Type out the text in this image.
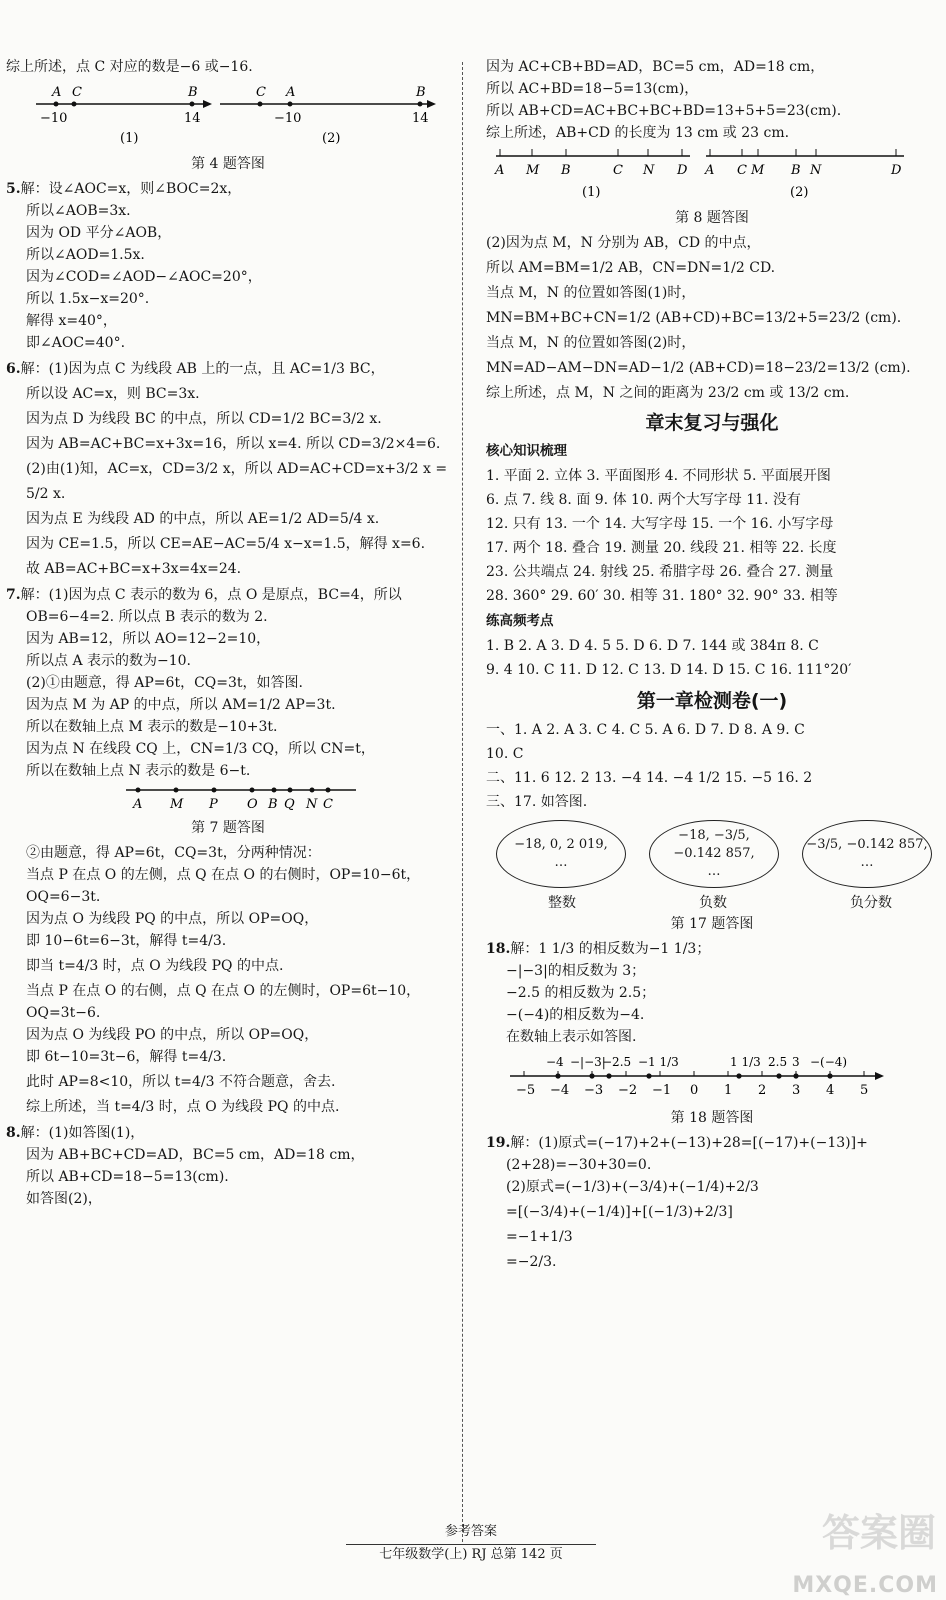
综上所述，点 C 对应的数是−6 或−16.
A C	B
−10	14
(1)
C A	B
−10	14
(2)
第 4 题答图
5.解：设∠AOC=x，则∠BOC=2x，
所以∠AOB=3x.
因为 OD 平分∠AOB，
所以∠AOD=1.5x.
因为∠COD=∠AOD−∠AOC=20°，
所以 1.5x−x=20°.
解得 x=40°，
即∠AOC=40°.
6.解：(1)因为点 C 为线段 AB 上的一点，且 AC=1/3 BC，
所以设 AC=x，则 BC=3x.
因为点 D 为线段 BC 的中点，所以 CD=1/2 BC=3/2 x.
因为 AB=AC+BC=x+3x=16，所以 x=4. 所以 CD=3/2×4=6.
(2)由(1)知，AC=x，CD=3/2 x，所以 AD=AC+CD=x+3/2 x =
5/2 x.
因为点 E 为线段 AD 的中点，所以 AE=1/2 AD=5/4 x.
因为 CE=1.5，所以 CE=AE−AC=5/4 x−x=1.5，解得 x=6.
故 AB=AC+BC=x+3x=4x=24.
7.解：(1)因为点 C 表示的数为 6，点 O 是原点，BC=4，所以
OB=6−4=2. 所以点 B 表示的数为 2.
因为 AB=12，所以 AO=12−2=10，
所以点 A 表示的数为−10.
(2)①由题意，得 AP=6t，CQ=3t，如答图.
因为点 M 为 AP 的中点，所以 AM=1/2 AP=3t.
所以在数轴上点 M 表示的数是−10+3t.
因为点 N 在线段 CQ 上，CN=1/3 CQ，所以 CN=t，
所以在数轴上点 N 表示的数是 6−t.
A M P O B Q N C
第 7 题答图
②由题意，得 AP=6t，CQ=3t，分两种情况：
当点 P 在点 O 的左侧，点 Q 在点 O 的右侧时，OP=10−6t，
OQ=6−3t.
因为点 O 为线段 PQ 的中点，所以 OP=OQ，
即 10−6t=6−3t，解得 t=4/3.
即当 t=4/3 时，点 O 为线段 PQ 的中点.
当点 P 在点 O 的右侧，点 Q 在点 O 的左侧时，OP=6t−10，
OQ=3t−6.
因为点 O 为线段 PO 的中点，所以 OP=OQ，
即 6t−10=3t−6，解得 t=4/3.
此时 AP=8<10，所以 t=4/3 不符合题意，舍去.
综上所述，当 t=4/3 时，点 O 为线段 PQ 的中点.
8.解：(1)如答图(1)，
因为 AB+BC+CD=AD，BC=5 cm，AD=18 cm，
所以 AB+CD=18−5=13(cm).
如答图(2)，
因为 AC+CB+BD=AD，BC=5 cm，AD=18 cm，
所以 AC+BD=18−5=13(cm)，
所以 AB+CD=AC+BC+BC+BD=13+5+5=23(cm).
综上所述，AB+CD 的长度为 13 cm 或 23 cm.
A M B	C N D
(1)
A C M B N	D
(2)
第 8 题答图
(2)因为点 M，N 分别为 AB，CD 的中点，
所以 AM=BM=1/2 AB，CN=DN=1/2 CD.
当点 M，N 的位置如答图(1)时，
MN=BM+BC+CN=1/2 (AB+CD)+BC=13/2+5=23/2 (cm).
当点 M，N 的位置如答图(2)时，
MN=AD−AM−DN=AD−1/2 (AB+CD)=18−23/2=13/2 (cm).
综上所述，点 M，N 之间的距离为 23/2 cm 或 13/2 cm.
章末复习与强化
核心知识梳理
1. 平面 2. 立体 3. 平面图形 4. 不同形状 5. 平面展开图
6. 点 7. 线 8. 面 9. 体 10. 两个大写字母 11. 没有
12. 只有 13. 一个 14. 大写字母 15. 一个 16. 小写字母
17. 两个 18. 叠合 19. 测量 20. 线段 21. 相等 22. 长度
23. 公共端点 24. 射线 25. 希腊字母 26. 叠合 27. 测量
28. 360° 29. 60′ 30. 相等 31. 180° 32. 90° 33. 相等
练高频考点
1. B 2. A 3. D 4. 5 5. D 6. D 7. 144 或 384π 8. C
9. 4 10. C 11. D 12. C 13. D 14. D 15. C 16. 111°20′
第一章检测卷(一)
一、1. A 2. A 3. C 4. C 5. A 6. D 7. D 8. A 9. C
10. C
二、11. 6 12. 2 13. −4 14. −4 1/2 15. −5 16. 2
三、17. 如答图.
−18, 0, 2 019,
…
−18, −3/5,
−0.142 857,
…
−3/5, −0.142 857,
…
整数	负数	负分数
第 17 题答图
18.解：1 1/3 的相反数为−1 1/3；
−|−3|的相反数为 3；
−2.5 的相反数为 2.5；
−(−4)的相反数为−4.
在数轴上表示如答图.
−4 −|−3|
−2.5 −1 1/3	1 1/3 2.5 3 −(−4)
−5 −4 −3 −2 −1 0 1 2 3 4 5
第 18 题答图
19.解：(1)原式=(−17)+2+(−13)+28=[(−17)+(−13)]+
(2+28)=−30+30=0.
(2)原式=(−1/3)+(−3/4)+(−1/4)+2/3
=[(−3/4)+(−1/4)]+[(−1/3)+2/3]
=−1+1/3
=−2/3.
参考答案
七年级数学(上) RJ 总第 142 页	答案圈
MXQE.COM
